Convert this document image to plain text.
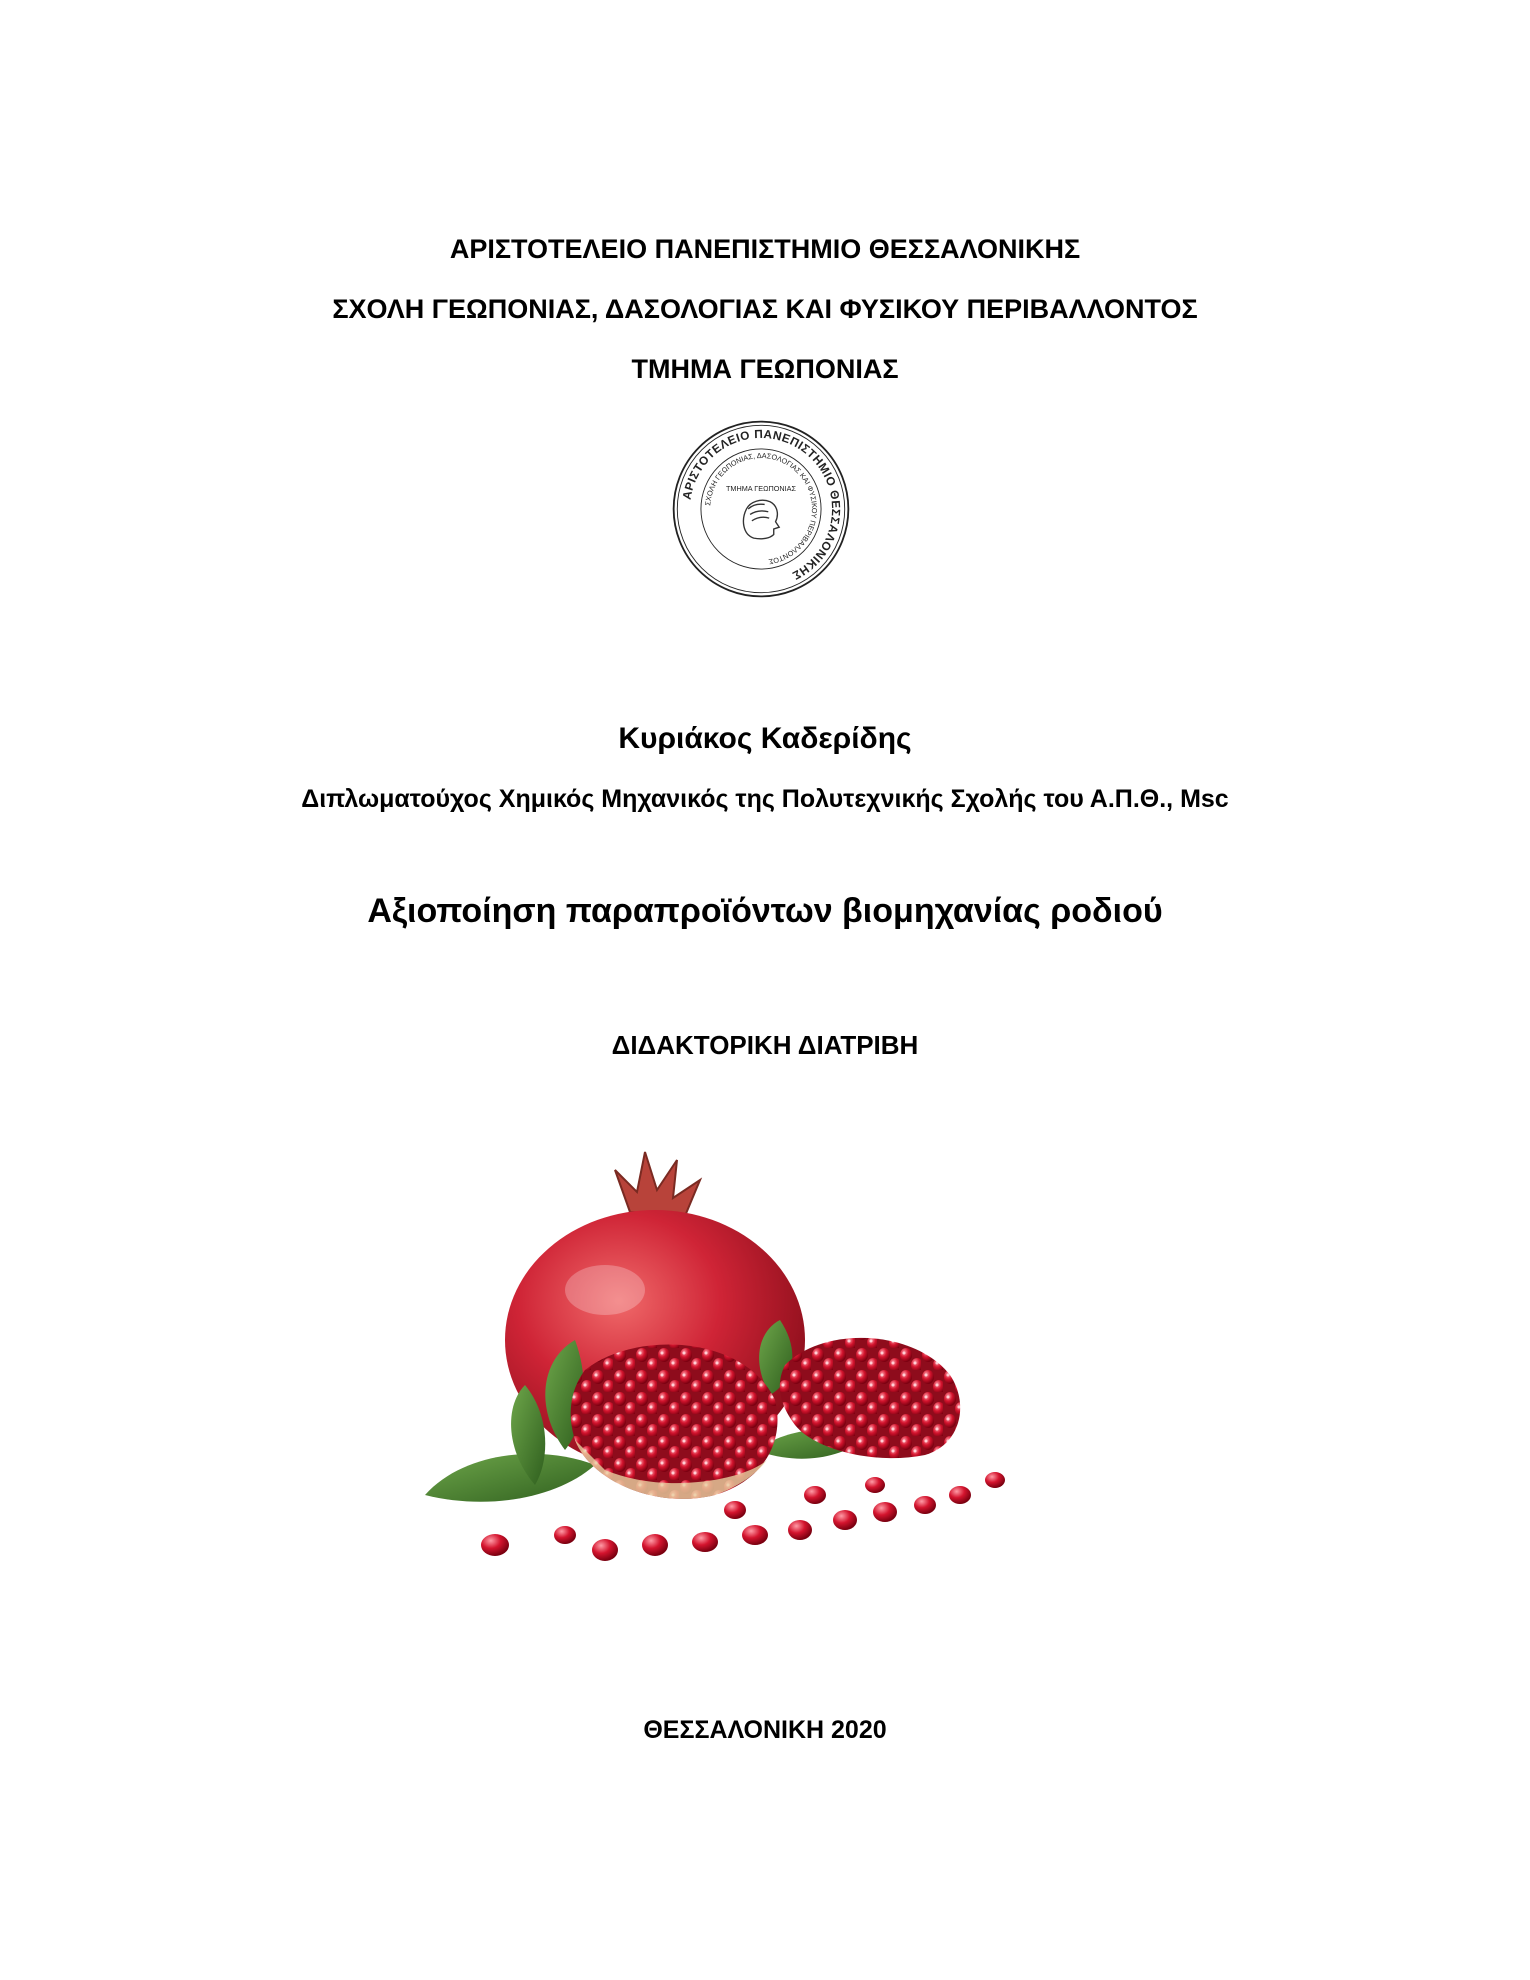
ΑΡΙΣΤΟΤΕΛΕΙΟ ΠΑΝΕΠΙΣΤΗΜΙΟ ΘΕΣΣΑΛΟΝΙΚΗΣ
ΣΧΟΛΗ ΓΕΩΠΟΝΙΑΣ, ΔΑΣΟΛΟΓΙΑΣ ΚΑΙ ΦΥΣΙΚΟΥ ΠΕΡΙΒΑΛΛΟΝΤΟΣ
ΤΜΗΜΑ ΓΕΩΠΟΝΙΑΣ
ΑΡΙΣΤΟΤΕΛΕΙΟ ΠΑΝΕΠΙΣΤΗΜΙΟ ΘΕΣΣΑΛΟΝΙΚΗΣ
ΣΧΟΛΗ ΓΕΩΠΟΝΙΑΣ, ΔΑΣΟΛΟΓΙΑΣ ΚΑΙ ΦΥΣΙΚΟΥ ΠΕΡΙΒΑΛΛΟΝΤΟΣ
ΤΜΗΜΑ ΓΕΩΠΟΝΙΑΣ
Κυριάκος Καδερίδης
Διπλωματούχος Χημικός Μηχανικός της Πολυτεχνικής Σχολής του Α.Π.Θ., Msc
Αξιοποίηση παραπροϊόντων βιομηχανίας ροδιού
ΔΙΔΑΚΤΟΡΙΚΗ ΔΙΑΤΡΙΒΗ
ΘΕΣΣΑΛΟΝΙΚΗ 2020
